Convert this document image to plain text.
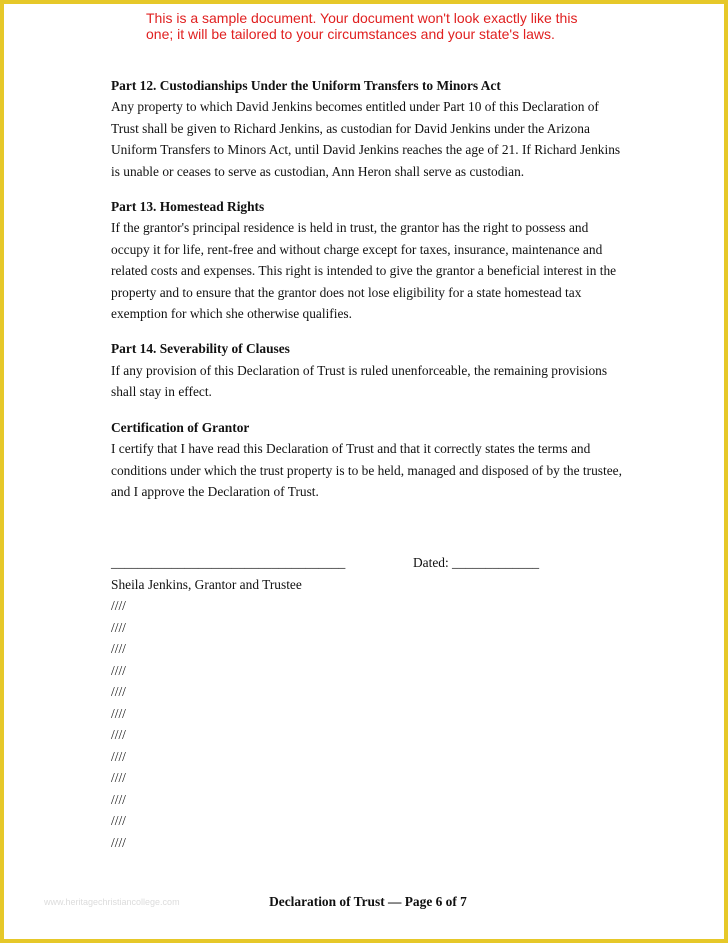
This is a sample document. Your document won't look exactly like this
one; it will be tailored to your circumstances and your state's laws.

Part 12. Custodianships Under the Uniform Transfers to Minors Act

Any property to which David Jenkins becomes entitled under Part 10 of this Declaration of Trust shall be given to Richard Jenkins, as custodian for David Jenkins under the Arizona Uniform Transfers to Minors Act, until David Jenkins reaches the age of 21. If Richard Jenkins is unable or ceases to serve as custodian, Ann Heron shall serve as custodian.

Part 13. Homestead Rights

If the grantor's principal residence is held in trust, the grantor has the right to possess and occupy it for life, rent-free and without charge except for taxes, insurance, maintenance and related costs and expenses. This right is intended to give the grantor a beneficial interest in the property and to ensure that the grantor does not lose eligibility for a state homestead tax exemption for which she otherwise qualifies.

Part 14. Severability of Clauses

If any provision of this Declaration of Trust is ruled unenforceable, the remaining provisions shall stay in effect.

Certification of Grantor

I certify that I have read this Declaration of Trust and that it correctly states the terms and conditions under which the trust property is to be held, managed and disposed of by the trustee, and I approve the Declaration of Trust.

___________________________________	Dated: _____________

Sheila Jenkins, Grantor and Trustee

////
////
////
////
////
////
////
////
////
////
////
////
www.heritagechristiancollege.com	Declaration of Trust — Page 6 of 7
